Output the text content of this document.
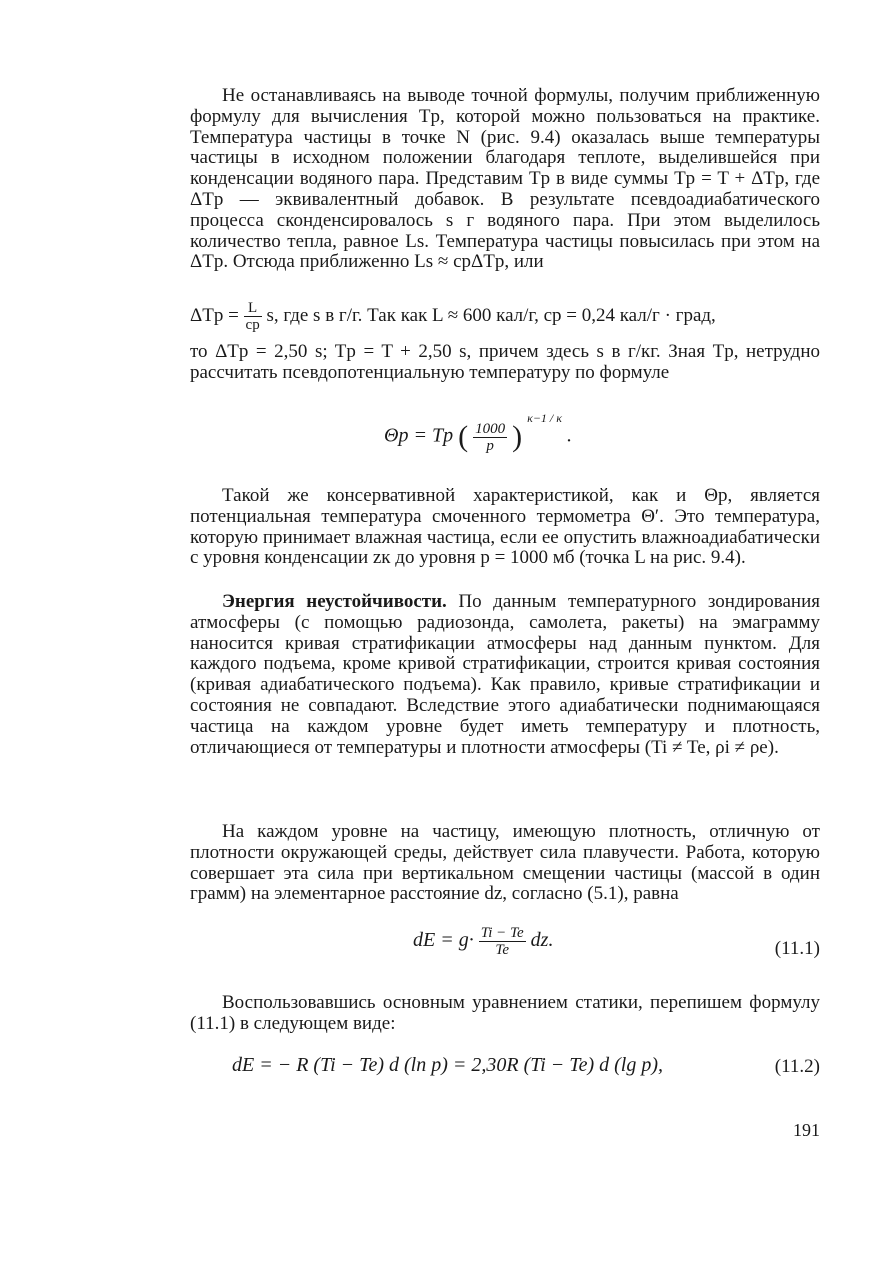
Не останавливаясь на выводе точной формулы, получим приближенную формулу для вычисления Tp, которой можно пользоваться на практике. Температура частицы в точке N (рис. 9.4) оказалась выше температуры частицы в исходном положении благодаря теплоте, выделившейся при конденсации водяного пара. Представим Tp в виде суммы Tp = T + ΔTp, где ΔTp — эквивалентный добавок. В результате псевдоадиабатического процесса сконденсировалось s г водяного пара. При этом выделилось количество тепла, равное Ls. Температура частицы повысилась при этом на ΔTp. Отсюда приближенно Ls ≈ cpΔTp, или
$\Delta Tp = \frac{L}{cp} s$, где s в г/г. Так как L ≈ 600 кал/г, cp = 0,24 кал/г · град,
то ΔTp = 2,50 s; Tp = T + 2,50 s, причем здесь s в г/кг. Зная Tp, нетрудно рассчитать псевдопотенциальную температуру по формуле
Θp = Tp ( $\frac{1000}{p}$ ) $^{\kappa-1 / \kappa}$ .
Такой же консервативной характеристикой, как и Θp, является потенциальная температура смоченного термометра Θ′. Это температура, которую принимает влажная частица, если ее опустить влажноадиабатически с уровня конденсации zк до уровня p = 1000 мб (точка L на рис. 9.4).
Энергия неустойчивости. По данным температурного зондирования атмосферы (с помощью радиозонда, самолета, ракеты) на эмаграмму наносится кривая стратификации атмосферы над данным пунктом. Для каждого подъема, кроме кривой стратификации, строится кривая состояния (кривая адиабатического подъема). Как правило, кривые стратификации и состояния не совпадают. Вследствие этого адиабатически поднимающаяся частица на каждом уровне будет иметь температуру и плотность, отличающиеся от температуры и плотности атмосферы (Ti ≠ Te, ρi ≠ ρe).
На каждом уровне на частицу, имеющую плотность, отличную от плотности окружающей среды, действует сила плавучести. Работа, которую совершает эта сила при вертикальном смещении частицы (массой в один грамм) на элементарное расстояние dz, согласно (5.1), равна
dE = $g\cdot \frac{Ti - Te}{Te}$ dz.	(11.1)
Воспользовавшись основным уравнением статики, перепишем формулу (11.1) в следующем виде:
dE = − R (Ti − Te) d (ln p) = 2,30R (Ti − Te) d (lg p),	(11.2)
191
